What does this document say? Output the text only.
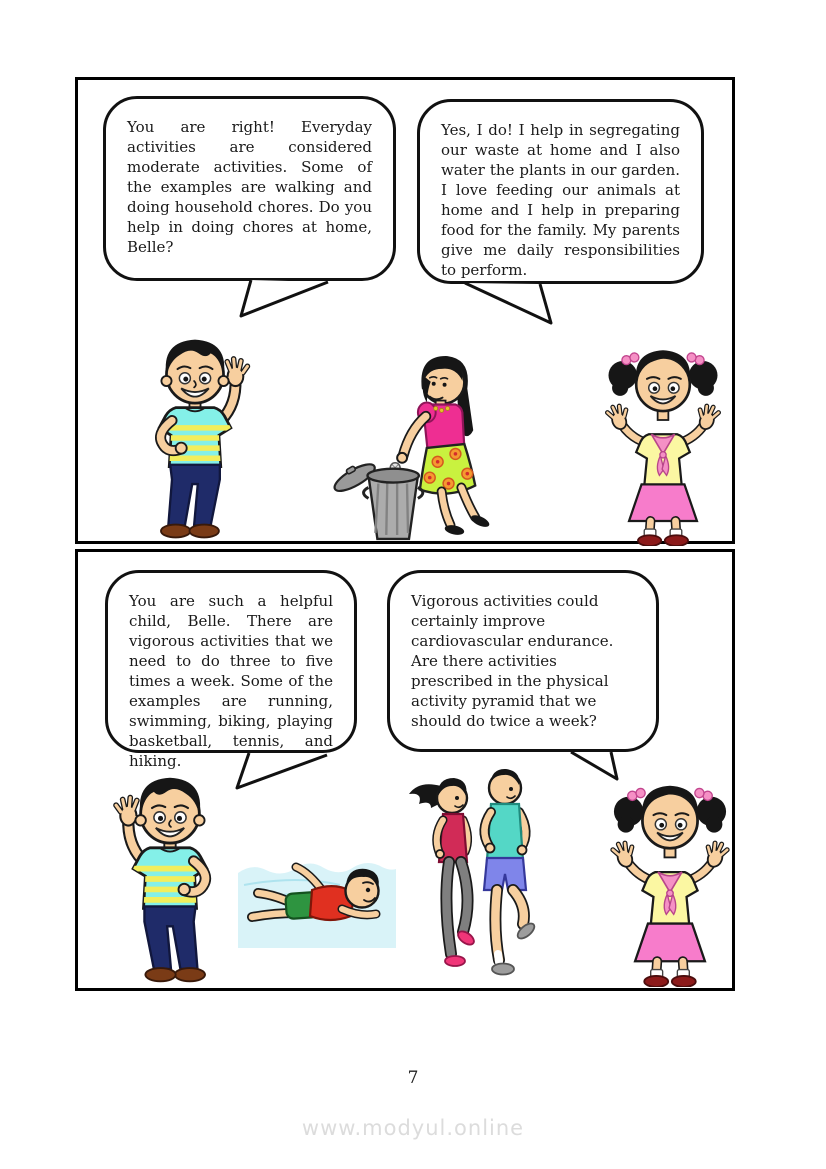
You are right! Everyday activities are considered moderate activities. Some of the examples are walking and doing household chores. Do you help in doing chores at home, Belle?

Yes, I do! I help in segregating our waste at home and I also water the plants in our garden. I love feeding our animals at home and I help in preparing food for the family. My parents give me daily responsibilities to perform.

You are such a helpful child, Belle. There are vigorous activities that we need to do three to five times a week. Some of the examples are running, swimming, biking, playing basketball, tennis, and hiking.

Vigorous activities could certainly improve cardiovascular endurance. Are there activities prescribed in the physical activity pyramid that we should do twice a week?

7
www.modyul.online
